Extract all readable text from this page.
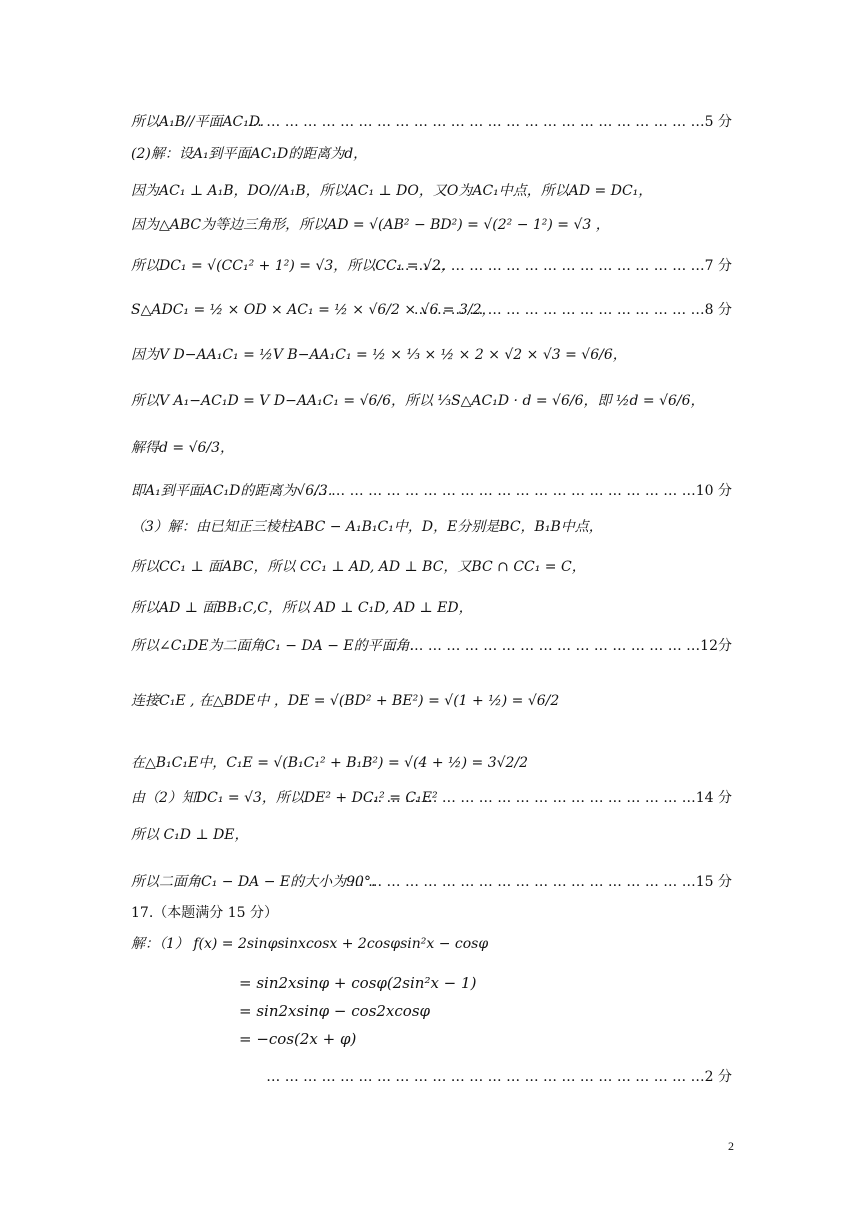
所以A₁B//平面AC₁D.
… … … … … … … … … … … … … … … … … … … … … … … … …5 分
(2)解：设A₁到平面AC₁D的距离为d，
因为AC₁ ⊥ A₁B，DO//A₁B，所以AC₁ ⊥ DO，又O为AC₁中点，所以AD = DC₁，
因为△ABC为等边三角形，所以AD = √(AB² − BD²) = √(2² − 1²) = √3 ，
所以DC₁ = √(CC₁² + 1²) = √3，所以CC₁ = √2，
… … … … … … … … … … … … … … … … …7 分
S△ADC₁ = ½ × OD × AC₁ = ½ × √6/2 × √6 = 3/2，
… … … … … … … … … … … … … … … …8 分
因为V D−AA₁C₁ = ½V B−AA₁C₁ = ½ × ⅓ × ½ × 2 × √2 × √3 = √6/6，
所以V A₁−AC₁D = V D−AA₁C₁ = √6/6，所以 ⅓S△AC₁D · d = √6/6，即 ½d = √6/6，
解得d = √6/3，
即A₁到平面AC₁D的距离为√6/3.
… … … … … … … … … … … … … … … … … … … … …10 分
（3）解：由已知正三棱柱ABC − A₁B₁C₁中，D，E分别是BC，B₁B中点，
所以CC₁ ⊥ 面ABC，所以 CC₁ ⊥ AD, AD ⊥ BC，又BC ∩ CC₁ = C，
所以AD ⊥ 面BB₁C,C，所以 AD ⊥ C₁D, AD ⊥ ED，
所以∠C₁DE为二面角C₁ − DA − E的平面角.
… … … … … … … … … … … … … … … … …12分
连接C₁E , 在△BDE中 ，DE = √(BD² + BE²) = √(1 + ½) = √6/2
在△B₁C₁E中，C₁E = √(B₁C₁² + B₁B²) = √(4 + ½) = 3√2/2
由（2）知DC₁ = √3，所以DE² + DC₁² = C₁E²
… … … … … … … … … … … … … … … … … …14 分
所以 C₁D ⊥ DE，
所以二面角C₁ − DA − E的大小为90°.
… … … … … … … … … … … … … … … … … … …15 分
17.（本题满分 15 分）
解：（1） f(x) = 2sinφsinxcosx + 2cosφsin²x − cosφ
= sin2xsinφ + cosφ(2sin²x − 1)
= sin2xsinφ − cos2xcosφ
= −cos(2x + φ)
… … … … … … … … … … … … … … … … … … … … … … … …2 分
2
